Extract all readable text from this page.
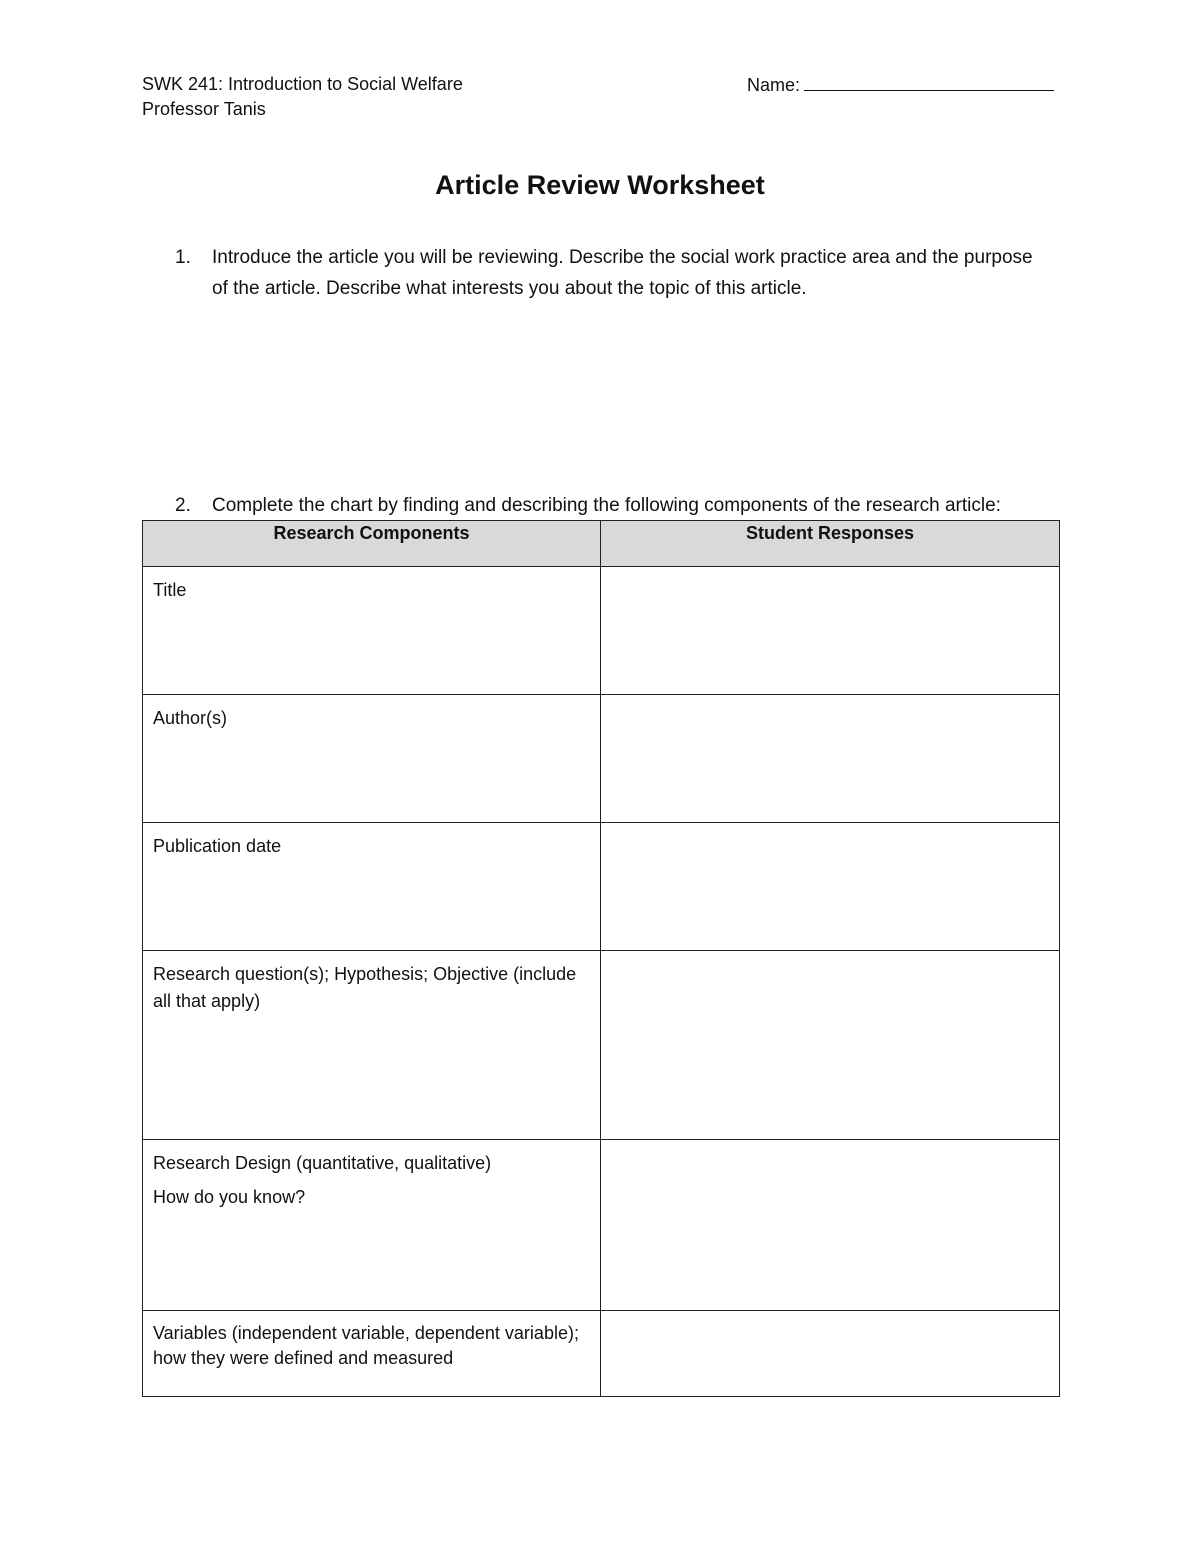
SWK 241: Introduction to Social Welfare
Professor Tanis
Name:
Article Review Worksheet
1. Introduce the article you will be reviewing. Describe the social work practice area and the purpose of the article. Describe what interests you about the topic of this article.
2. Complete the chart by finding and describing the following components of the research article:
Research Components	Student Responses

Title	

Author(s)	

Publication date	

Research question(s); Hypothesis; Objective (include all that apply)	

Research Design (quantitative, qualitative)
How do you know?	

Variables (independent variable, dependent variable); how they were defined and measured	
